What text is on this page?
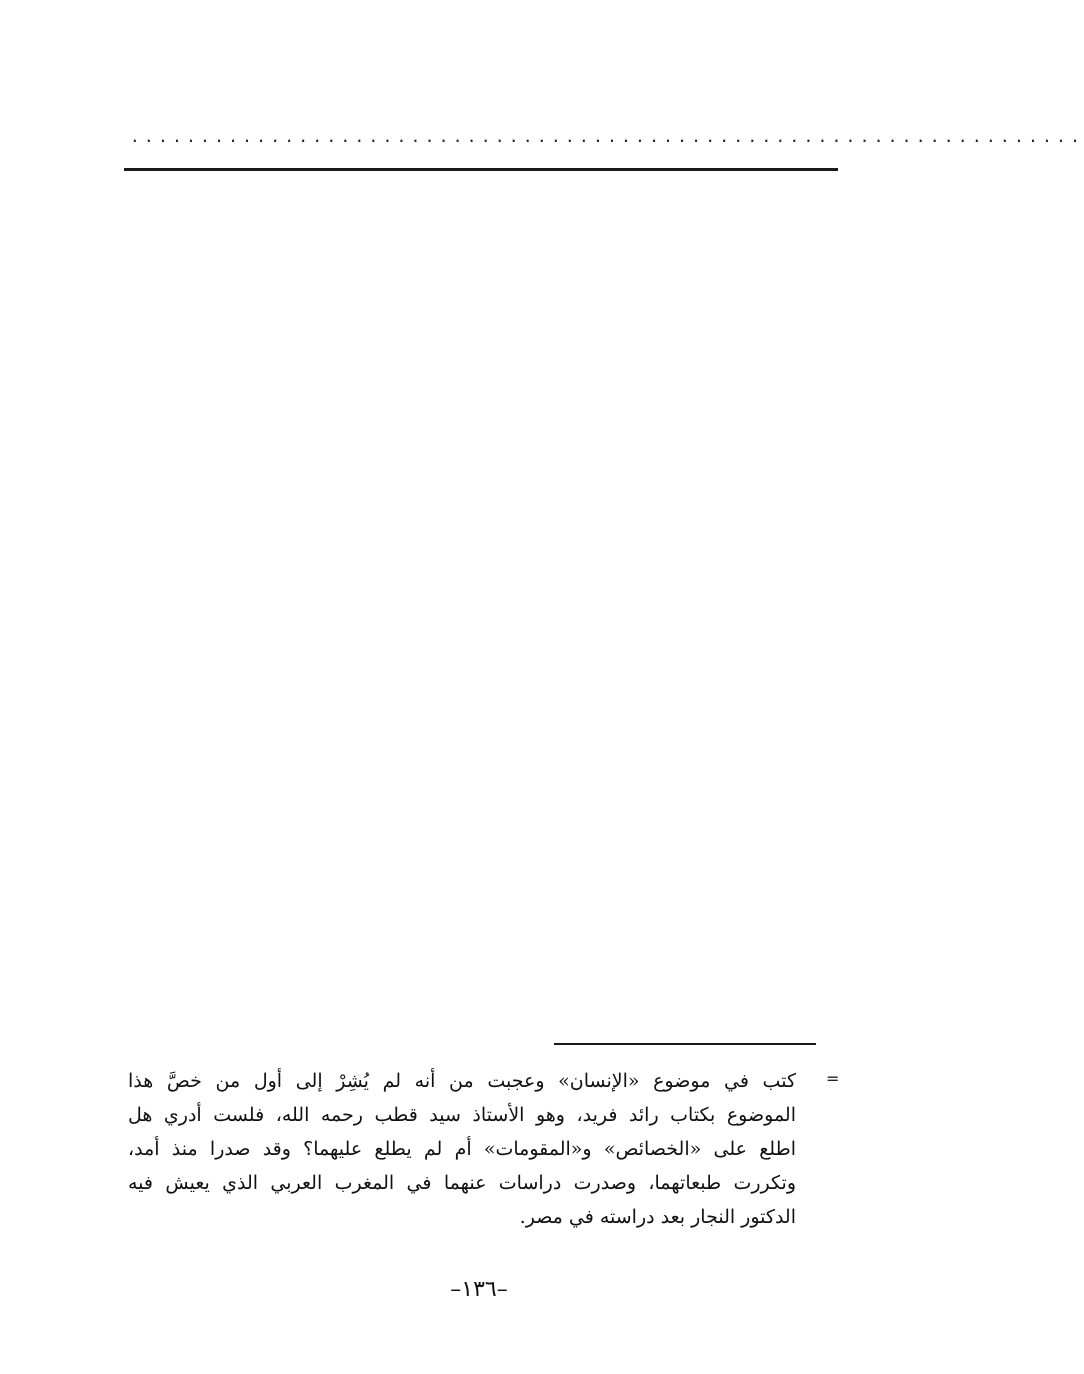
....................................................................
=
كتب في موضوع «الإنسان» وعجبت من أنه لم يُشِرْ إلى أول من خصَّ هذا
الموضوع بكتاب رائد فريد، وهو الأستاذ سيد قطب رحمه الله، فلست أدري هل
اطلع على «الخصائص» و«المقومات» أم لم يطلع عليهما؟ وقد صدرا منذ أمد،
وتكررت طبعاتهما، وصدرت دراسات عنهما في المغرب العربي الذي يعيش فيه
الدكتور النجار بعد دراسته في مصر.
–١٣٦–
